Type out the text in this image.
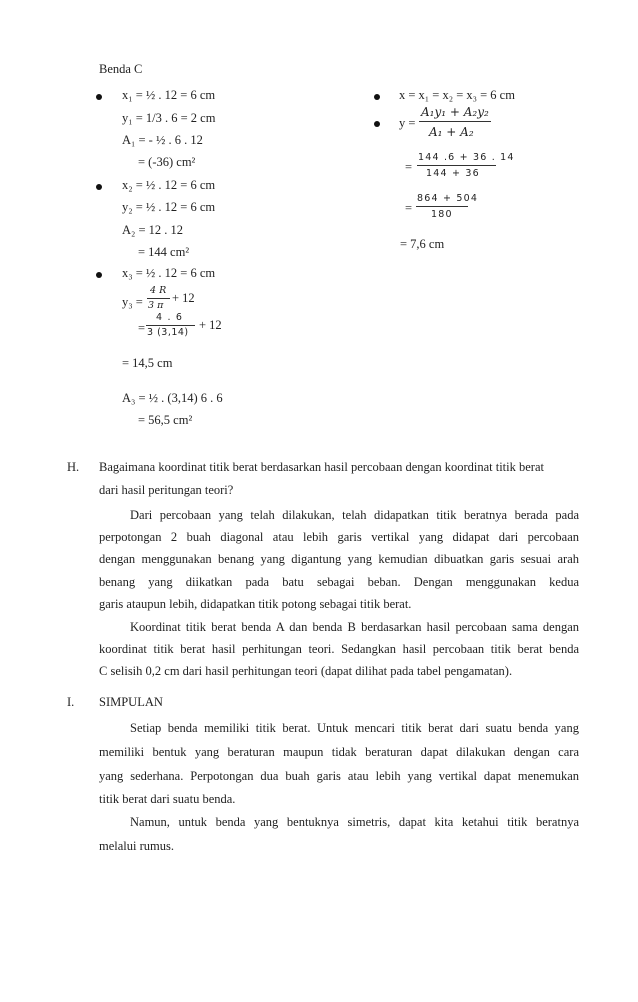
Benda C
x₁ = ½ . 12 = 6 cm
y₁ = 1/3 . 6 = 2 cm
A₁ = - ½ . 6 . 12
= (-36) cm²
x₂ = ½ . 12 = 6 cm
y₂ = ½ . 12 = 6 cm
A₂ = 12 . 12
= 144 cm²
x₃ = ½ . 12 = 6 cm
y₃ =
4 R
3 π
+ 12
=
4 . 6
3 (3,14)
+ 12
= 14,5 cm
A₃ = ½ . (3,14) 6 . 6
= 56,5 cm²
x = x₁ = x₂ = x₃ = 6 cm
y =
A₁y₁ + A₂y₂
A₁ + A₂
=
144 .6 + 36 . 14
144 + 36
=
864 + 504
180
= 7,6 cm
H. Bagaimana koordinat titik berat berdasarkan hasil percobaan dengan koordinat titik berat
dari hasil peritungan teori?
Dari percobaan yang telah dilakukan, telah didapatkan titik beratnya berada pada
perpotongan 2 buah diagonal atau lebih garis vertikal yang didapat dari percobaan
dengan menggunakan benang yang digantung yang kemudian dibuatkan garis sesuai arah
benang yang diikatkan pada batu sebagai beban. Dengan menggunakan kedua
garis ataupun lebih, didapatkan titik potong sebagai titik berat.
Koordinat titik berat benda A dan benda B berdasarkan hasil percobaan sama dengan
koordinat titik berat hasil perhitungan teori. Sedangkan hasil percobaan titik berat benda
C selisih 0,2 cm dari hasil perhitungan teori (dapat dilihat pada tabel pengamatan).
I. SIMPULAN
Setiap benda memiliki titik berat. Untuk mencari titik berat dari suatu benda yang
memiliki bentuk yang beraturan maupun tidak beraturan dapat dilakukan dengan cara
yang sederhana. Perpotongan dua buah garis atau lebih yang vertikal dapat menemukan
titik berat dari suatu benda.
Namun, untuk benda yang bentuknya simetris, dapat kita ketahui titik beratnya
melalui rumus.
